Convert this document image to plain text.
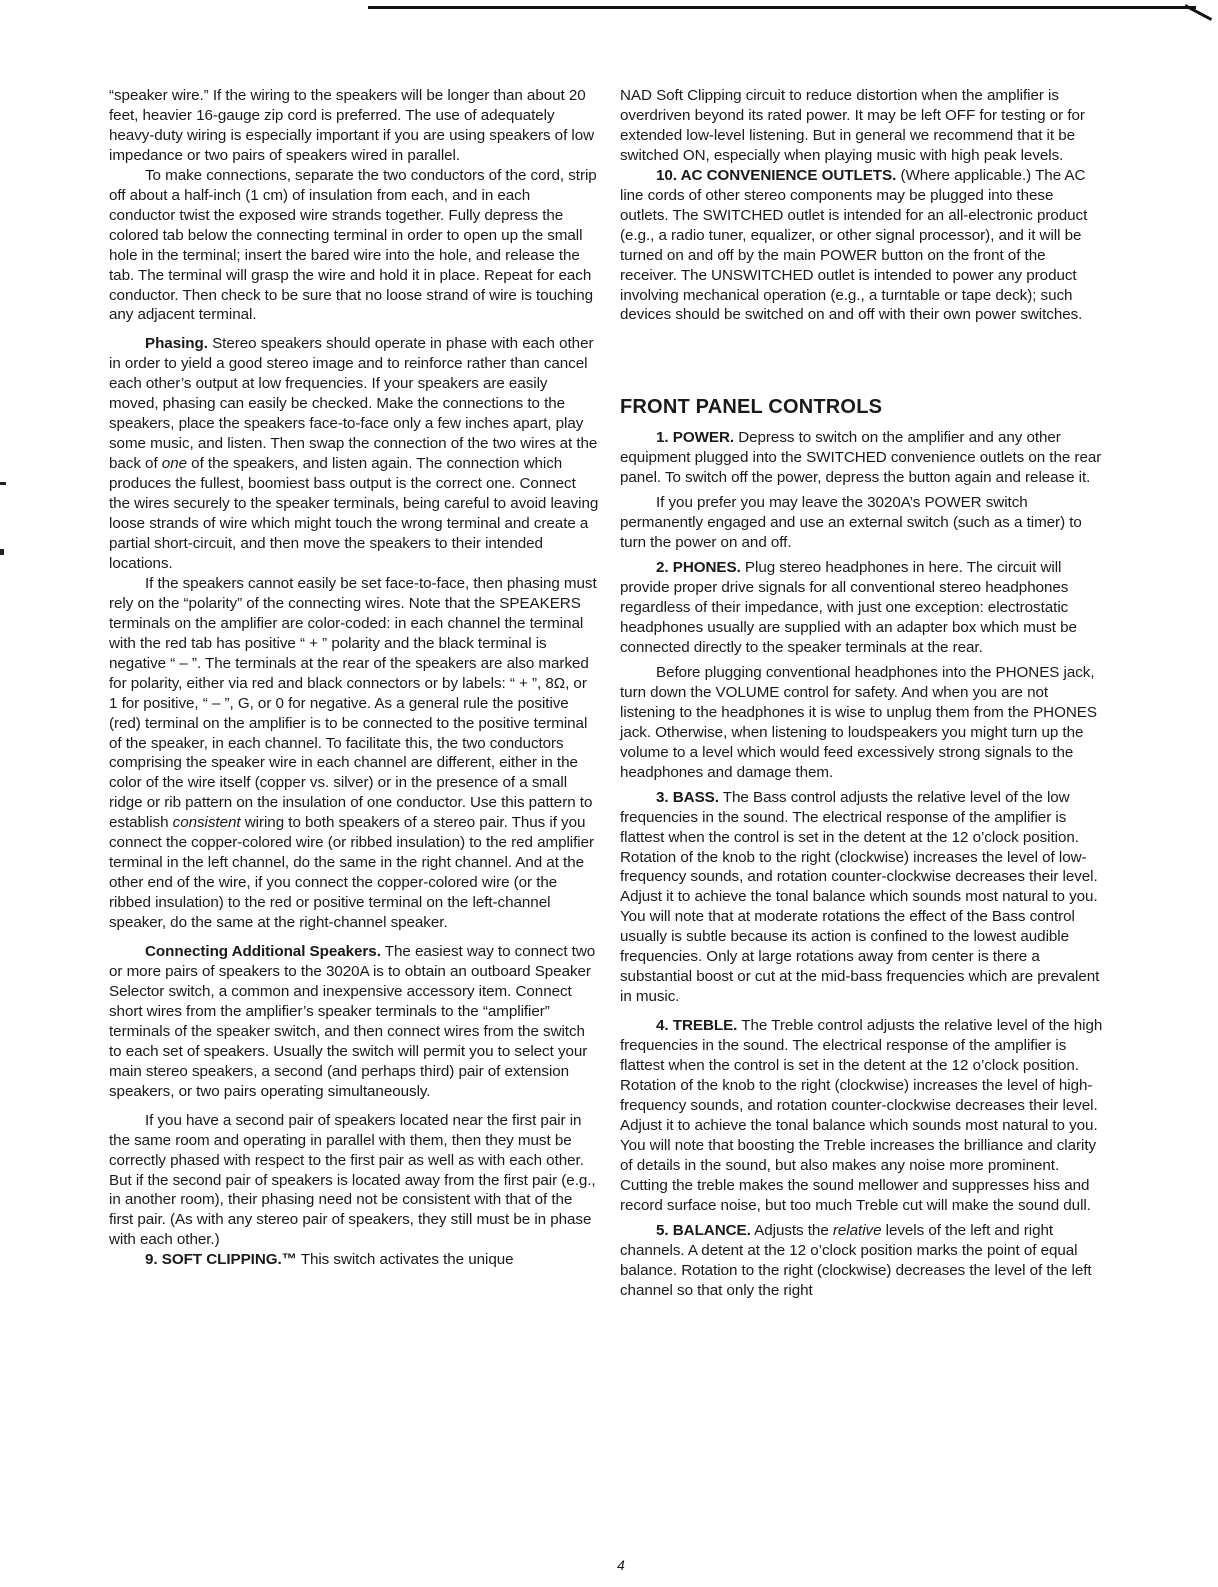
“speaker wire.” If the wiring to the speakers will be longer than about 20 feet, heavier 16-gauge zip cord is preferred. The use of adequately heavy-duty wiring is especially important if you are using speakers of low impedance or two pairs of speakers wired in parallel.

To make connections, separate the two conductors of the cord, strip off about a half-inch (1 cm) of insulation from each, and in each conductor twist the exposed wire strands together. Fully depress the colored tab below the connecting terminal in order to open up the small hole in the terminal; insert the bared wire into the hole, and release the tab. The terminal will grasp the wire and hold it in place. Repeat for each conductor. Then check to be sure that no loose strand of wire is touching any adjacent terminal.

Phasing. Stereo speakers should operate in phase with each other in order to yield a good stereo image and to reinforce rather than cancel each other’s output at low frequencies. If your speakers are easily moved, phasing can easily be checked. Make the connections to the speakers, place the speakers face-to-face only a few inches apart, play some music, and listen. Then swap the connection of the two wires at the back of one of the speakers, and listen again. The connection which produces the fullest, boomiest bass output is the correct one. Connect the wires securely to the speaker terminals, being careful to avoid leaving loose strands of wire which might touch the wrong terminal and create a partial short-circuit, and then move the speakers to their intended locations.

If the speakers cannot easily be set face-to-face, then phasing must rely on the “polarity” of the connecting wires. Note that the SPEAKERS terminals on the amplifier are color-coded: in each channel the terminal with the red tab has positive “ + ” polarity and the black terminal is negative “ – ”. The terminals at the rear of the speakers are also marked for polarity, either via red and black connectors or by labels: “ + ”, 8Ω, or 1 for positive, “ – ”, G, or 0 for negative. As a general rule the positive (red) terminal on the amplifier is to be connected to the positive terminal of the speaker, in each channel. To facilitate this, the two conductors comprising the speaker wire in each channel are different, either in the color of the wire itself (copper vs. silver) or in the presence of a small ridge or rib pattern on the insulation of one conductor. Use this pattern to establish consistent wiring to both speakers of a stereo pair. Thus if you connect the copper-colored wire (or ribbed insulation) to the red amplifier terminal in the left channel, do the same in the right channel. And at the other end of the wire, if you connect the copper-colored wire (or the ribbed insulation) to the red or positive terminal on the left-channel speaker, do the same at the right-channel speaker.

Connecting Additional Speakers. The easiest way to connect two or more pairs of speakers to the 3020A is to obtain an outboard Speaker Selector switch, a common and inexpensive accessory item. Connect short wires from the amplifier’s speaker terminals to the “amplifier” terminals of the speaker switch, and then connect wires from the switch to each set of speakers. Usually the switch will permit you to select your main stereo speakers, a second (and perhaps third) pair of extension speakers, or two pairs operating simultaneously.

If you have a second pair of speakers located near the first pair in the same room and operating in parallel with them, then they must be correctly phased with respect to the first pair as well as with each other. But if the second pair of speakers is located away from the first pair (e.g., in another room), their phasing need not be consistent with that of the first pair. (As with any stereo pair of speakers, they still must be in phase with each other.)

9. SOFT CLIPPING.™ This switch activates the unique

NAD Soft Clipping circuit to reduce distortion when the amplifier is overdriven beyond its rated power. It may be left OFF for testing or for extended low-level listening. But in general we recommend that it be switched ON, especially when playing music with high peak levels.

10. AC CONVENIENCE OUTLETS. (Where applicable.) The AC line cords of other stereo components may be plugged into these outlets. The SWITCHED outlet is intended for an all-electronic product (e.g., a radio tuner, equalizer, or other signal processor), and it will be turned on and off by the main POWER button on the front of the receiver. The UNSWITCHED outlet is intended to power any product involving mechanical operation (e.g., a turntable or tape deck); such devices should be switched on and off with their own power switches.

FRONT PANEL CONTROLS

1. POWER. Depress to switch on the amplifier and any other equipment plugged into the SWITCHED convenience outlets on the rear panel. To switch off the power, depress the button again and release it.

If you prefer you may leave the 3020A’s POWER switch permanently engaged and use an external switch (such as a timer) to turn the power on and off.

2. PHONES. Plug stereo headphones in here. The circuit will provide proper drive signals for all conventional stereo headphones regardless of their impedance, with just one exception: electrostatic headphones usually are supplied with an adapter box which must be connected directly to the speaker terminals at the rear.

Before plugging conventional headphones into the PHONES jack, turn down the VOLUME control for safety. And when you are not listening to the headphones it is wise to unplug them from the PHONES jack. Otherwise, when listening to loudspeakers you might turn up the volume to a level which would feed excessively strong signals to the headphones and damage them.

3. BASS. The Bass control adjusts the relative level of the low frequencies in the sound. The electrical response of the amplifier is flattest when the control is set in the detent at the 12 o’clock position. Rotation of the knob to the right (clockwise) increases the level of low-frequency sounds, and rotation counter-clockwise decreases their level. Adjust it to achieve the tonal balance which sounds most natural to you. You will note that at moderate rotations the effect of the Bass control usually is subtle because its action is confined to the lowest audible frequencies. Only at large rotations away from center is there a substantial boost or cut at the mid-bass frequencies which are prevalent in music.

4. TREBLE. The Treble control adjusts the relative level of the high frequencies in the sound. The electrical response of the amplifier is flattest when the control is set in the detent at the 12 o’clock position. Rotation of the knob to the right (clockwise) increases the level of high-frequency sounds, and rotation counter-clockwise decreases their level. Adjust it to achieve the tonal balance which sounds most natural to you. You will note that boosting the Treble increases the brilliance and clarity of details in the sound, but also makes any noise more prominent. Cutting the treble makes the sound mellower and suppresses hiss and record surface noise, but too much Treble cut will make the sound dull.

5. BALANCE. Adjusts the relative levels of the left and right channels. A detent at the 12 o’clock position marks the point of equal balance. Rotation to the right (clockwise) decreases the level of the left channel so that only the right

4
